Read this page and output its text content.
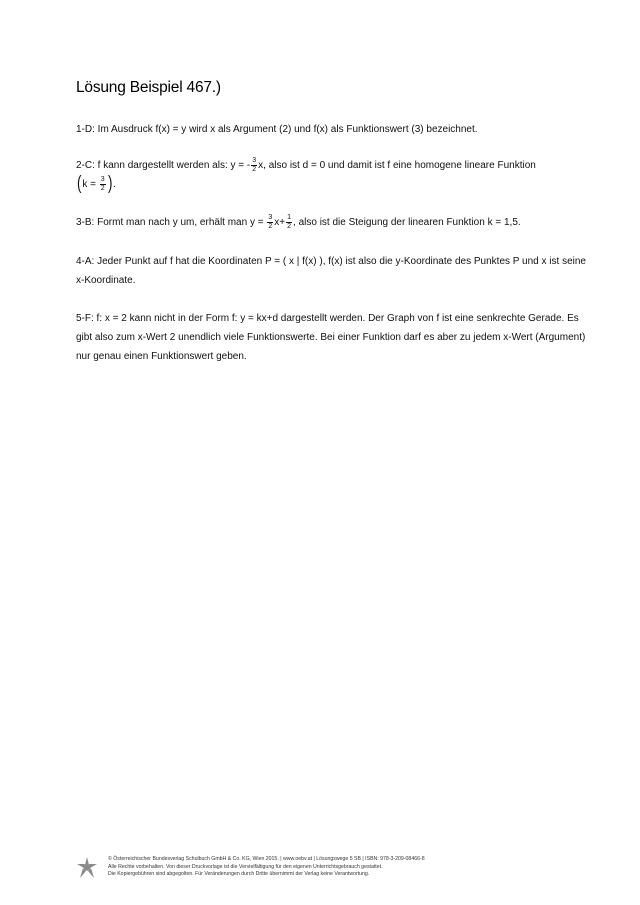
Lösung Beispiel 467.)

1-D: Im Ausdruck f(x) = y wird x als Argument (2) und f(x) als Funktionswert (3) bezeichnet.

2-C: f kann dargestellt werden als: y = - $\frac{3}{2} x$, also ist d = 0 und damit ist f eine homogene lineare Funktion
($k = \frac{3}{2}$ ).

3-B: Formt man nach y um, erhält man $y = \frac{3}{2} x+ \frac{1}{2}$ , also ist die Steigung der linearen Funktion k = 1,5.

4-A: Jeder Punkt auf f hat die Koordinaten P = ( x | f(x) ), f(x) ist also die y-Koordinate des Punktes P und x ist seine x-Koordinate.

5-F: f: x = 2 kann nicht in der Form f: y = kx+d dargestellt werden. Der Graph von f ist eine senkrechte Gerade. Es gibt also zum x-Wert 2 unendlich viele Funktionswerte. Bei einer Funktion darf es aber zu jedem x-Wert (Argument) nur genau einen Funktionswert geben.

© Österreichischer Bundesverlag Schulbuch GmbH & Co. KG, Wien 2015. | www.oebv.at | Lösungswege 5 SB | ISBN: 978-3-209-08466-8
Alle Rechte vorbehalten. Von dieser Druckvorlage ist die Vervielfältigung für den eigenen Unterrichtsgebrauch gestattet.
Die Kopiergebühren sind abgegolten. Für Veränderungen durch Dritte übernimmt der Verlag keine Verantwortung.
